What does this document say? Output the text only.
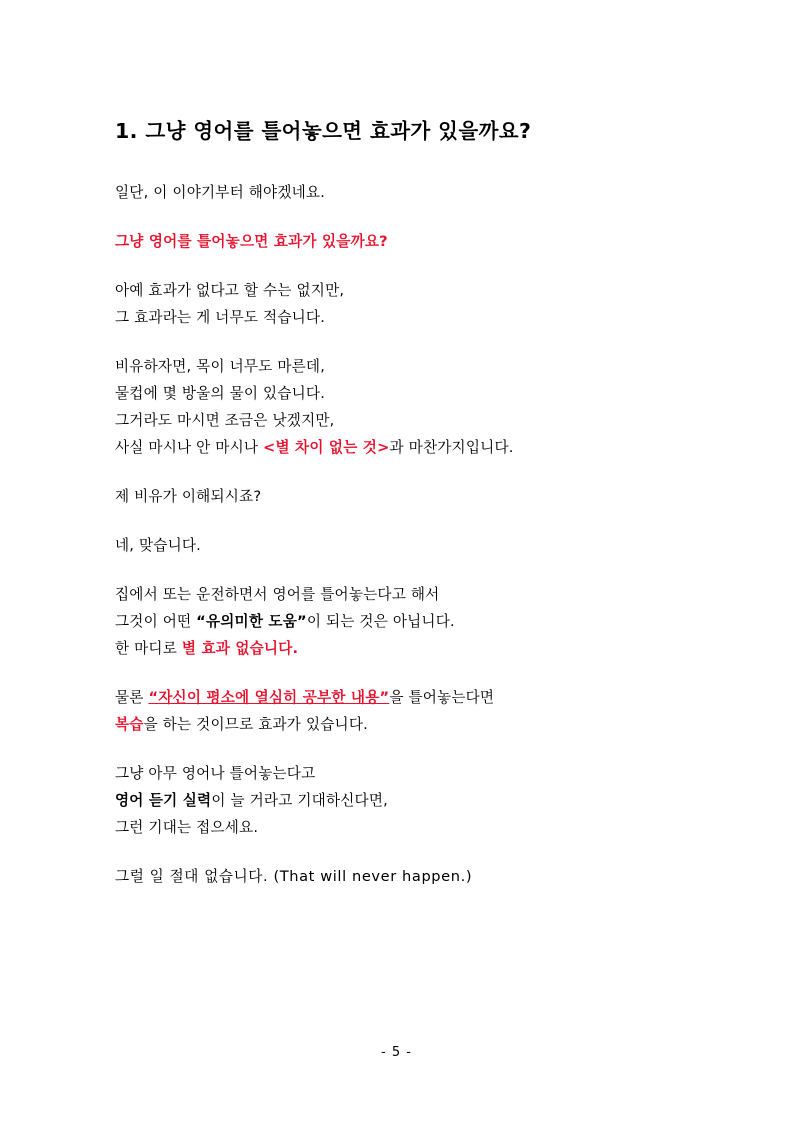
1. 그냥 영어를 틀어놓으면 효과가 있을까요?

일단, 이 이야기부터 해야겠네요.

그냥 영어를 틀어놓으면 효과가 있을까요?

아예 효과가 없다고 할 수는 없지만,
그 효과라는 게 너무도 적습니다.

비유하자면, 목이 너무도 마른데,
물컵에 몇 방울의 물이 있습니다.
그거라도 마시면 조금은 낫겠지만,
사실 마시나 안 마시나 <별 차이 없는 것>과 마찬가지입니다.

제 비유가 이해되시죠?

네, 맞습니다.

집에서 또는 운전하면서 영어를 틀어놓는다고 해서
그것이 어떤 “유의미한 도움”이 되는 것은 아닙니다.
한 마디로 별 효과 없습니다.

물론 “자신이 평소에 열심히 공부한 내용”을 틀어놓는다면
복습을 하는 것이므로 효과가 있습니다.

그냥 아무 영어나 틀어놓는다고
영어 듣기 실력이 늘 거라고 기대하신다면,
그런 기대는 접으세요.

그럴 일 절대 없습니다. (That will never happen.)

- 5 -
